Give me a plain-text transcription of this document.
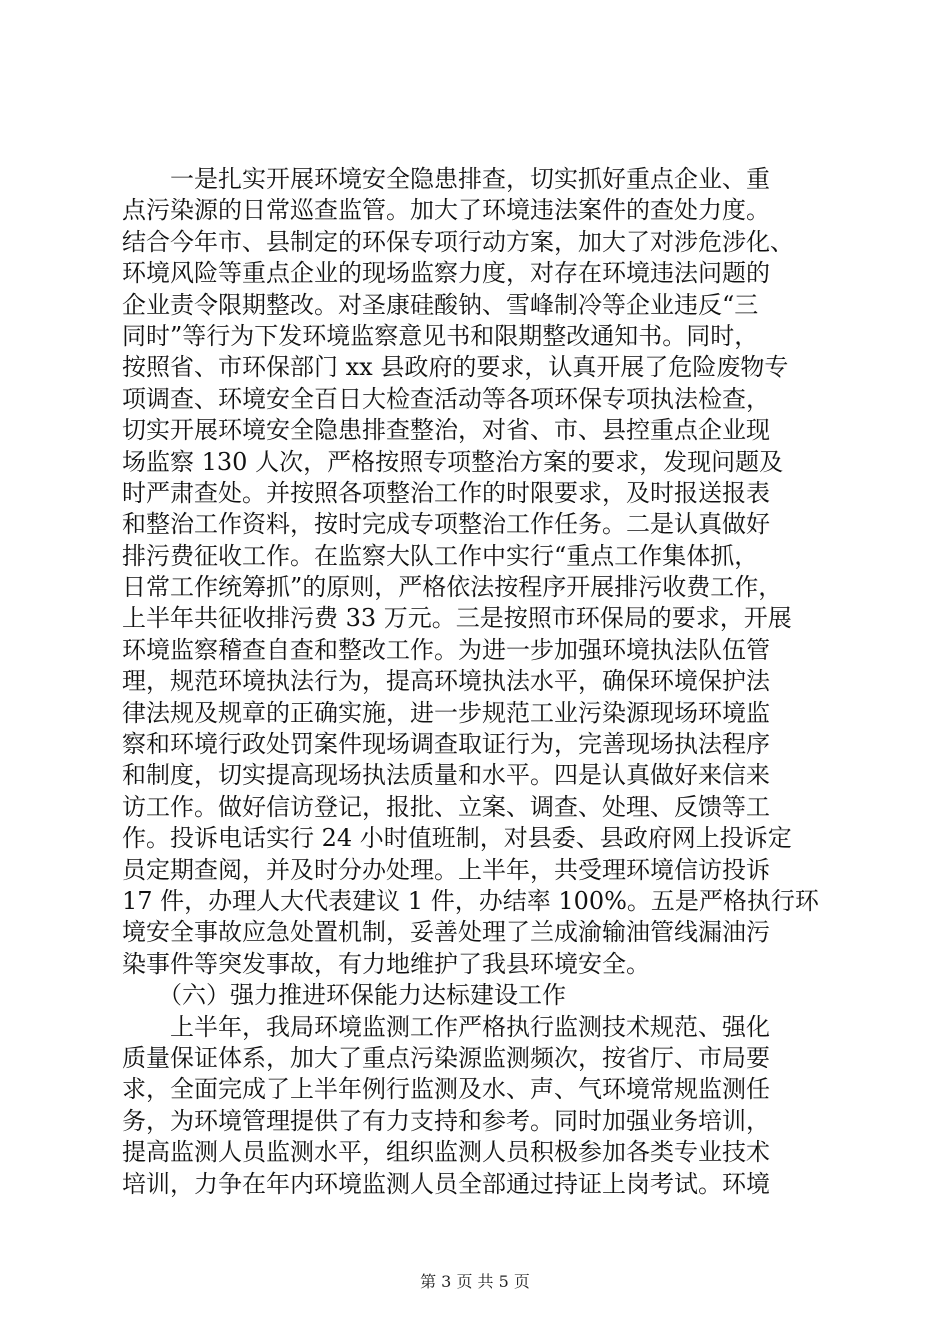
　　一是扎实开展环境安全隐患排查，切实抓好重点企业、重
点污染源的日常巡查监管。加大了环境违法案件的查处力度。
结合今年市、县制定的环保专项行动方案，加大了对涉危涉化、
环境风险等重点企业的现场监察力度，对存在环境违法问题的
企业责令限期整改。对圣康硅酸钠、雪峰制冷等企业违反“三
同时”等行为下发环境监察意见书和限期整改通知书。同时，
按照省、市环保部门 xx 县政府的要求，认真开展了危险废物专
项调查、环境安全百日大检查活动等各项环保专项执法检查，
切实开展环境安全隐患排查整治，对省、市、县控重点企业现
场监察 130 人次，严格按照专项整治方案的要求，发现问题及
时严肃查处。并按照各项整治工作的时限要求，及时报送报表
和整治工作资料，按时完成专项整治工作任务。二是认真做好
排污费征收工作。在监察大队工作中实行“重点工作集体抓，
日常工作统筹抓”的原则，严格依法按程序开展排污收费工作，
上半年共征收排污费 33 万元。三是按照市环保局的要求，开展
环境监察稽查自查和整改工作。为进一步加强环境执法队伍管
理，规范环境执法行为，提高环境执法水平，确保环境保护法
律法规及规章的正确实施，进一步规范工业污染源现场环境监
察和环境行政处罚案件现场调查取证行为，完善现场执法程序
和制度，切实提高现场执法质量和水平。四是认真做好来信来
访工作。做好信访登记，报批、立案、调查、处理、反馈等工
作。投诉电话实行 24 小时值班制，对县委、县政府网上投诉定
员定期查阅，并及时分办处理。上半年，共受理环境信访投诉
17 件，办理人大代表建议 1 件，办结率 100%。五是严格执行环
境安全事故应急处置机制，妥善处理了兰成渝输油管线漏油污
染事件等突发事故，有力地维护了我县环境安全。
　　（六）强力推进环保能力达标建设工作
　　上半年，我局环境监测工作严格执行监测技术规范、强化
质量保证体系，加大了重点污染源监测频次，按省厅、市局要
求，全面完成了上半年例行监测及水、声、气环境常规监测任
务，为环境管理提供了有力支持和参考。同时加强业务培训，
提高监测人员监测水平，组织监测人员积极参加各类专业技术
培训，力争在年内环境监测人员全部通过持证上岗考试。环境
第 3 页 共 5 页
